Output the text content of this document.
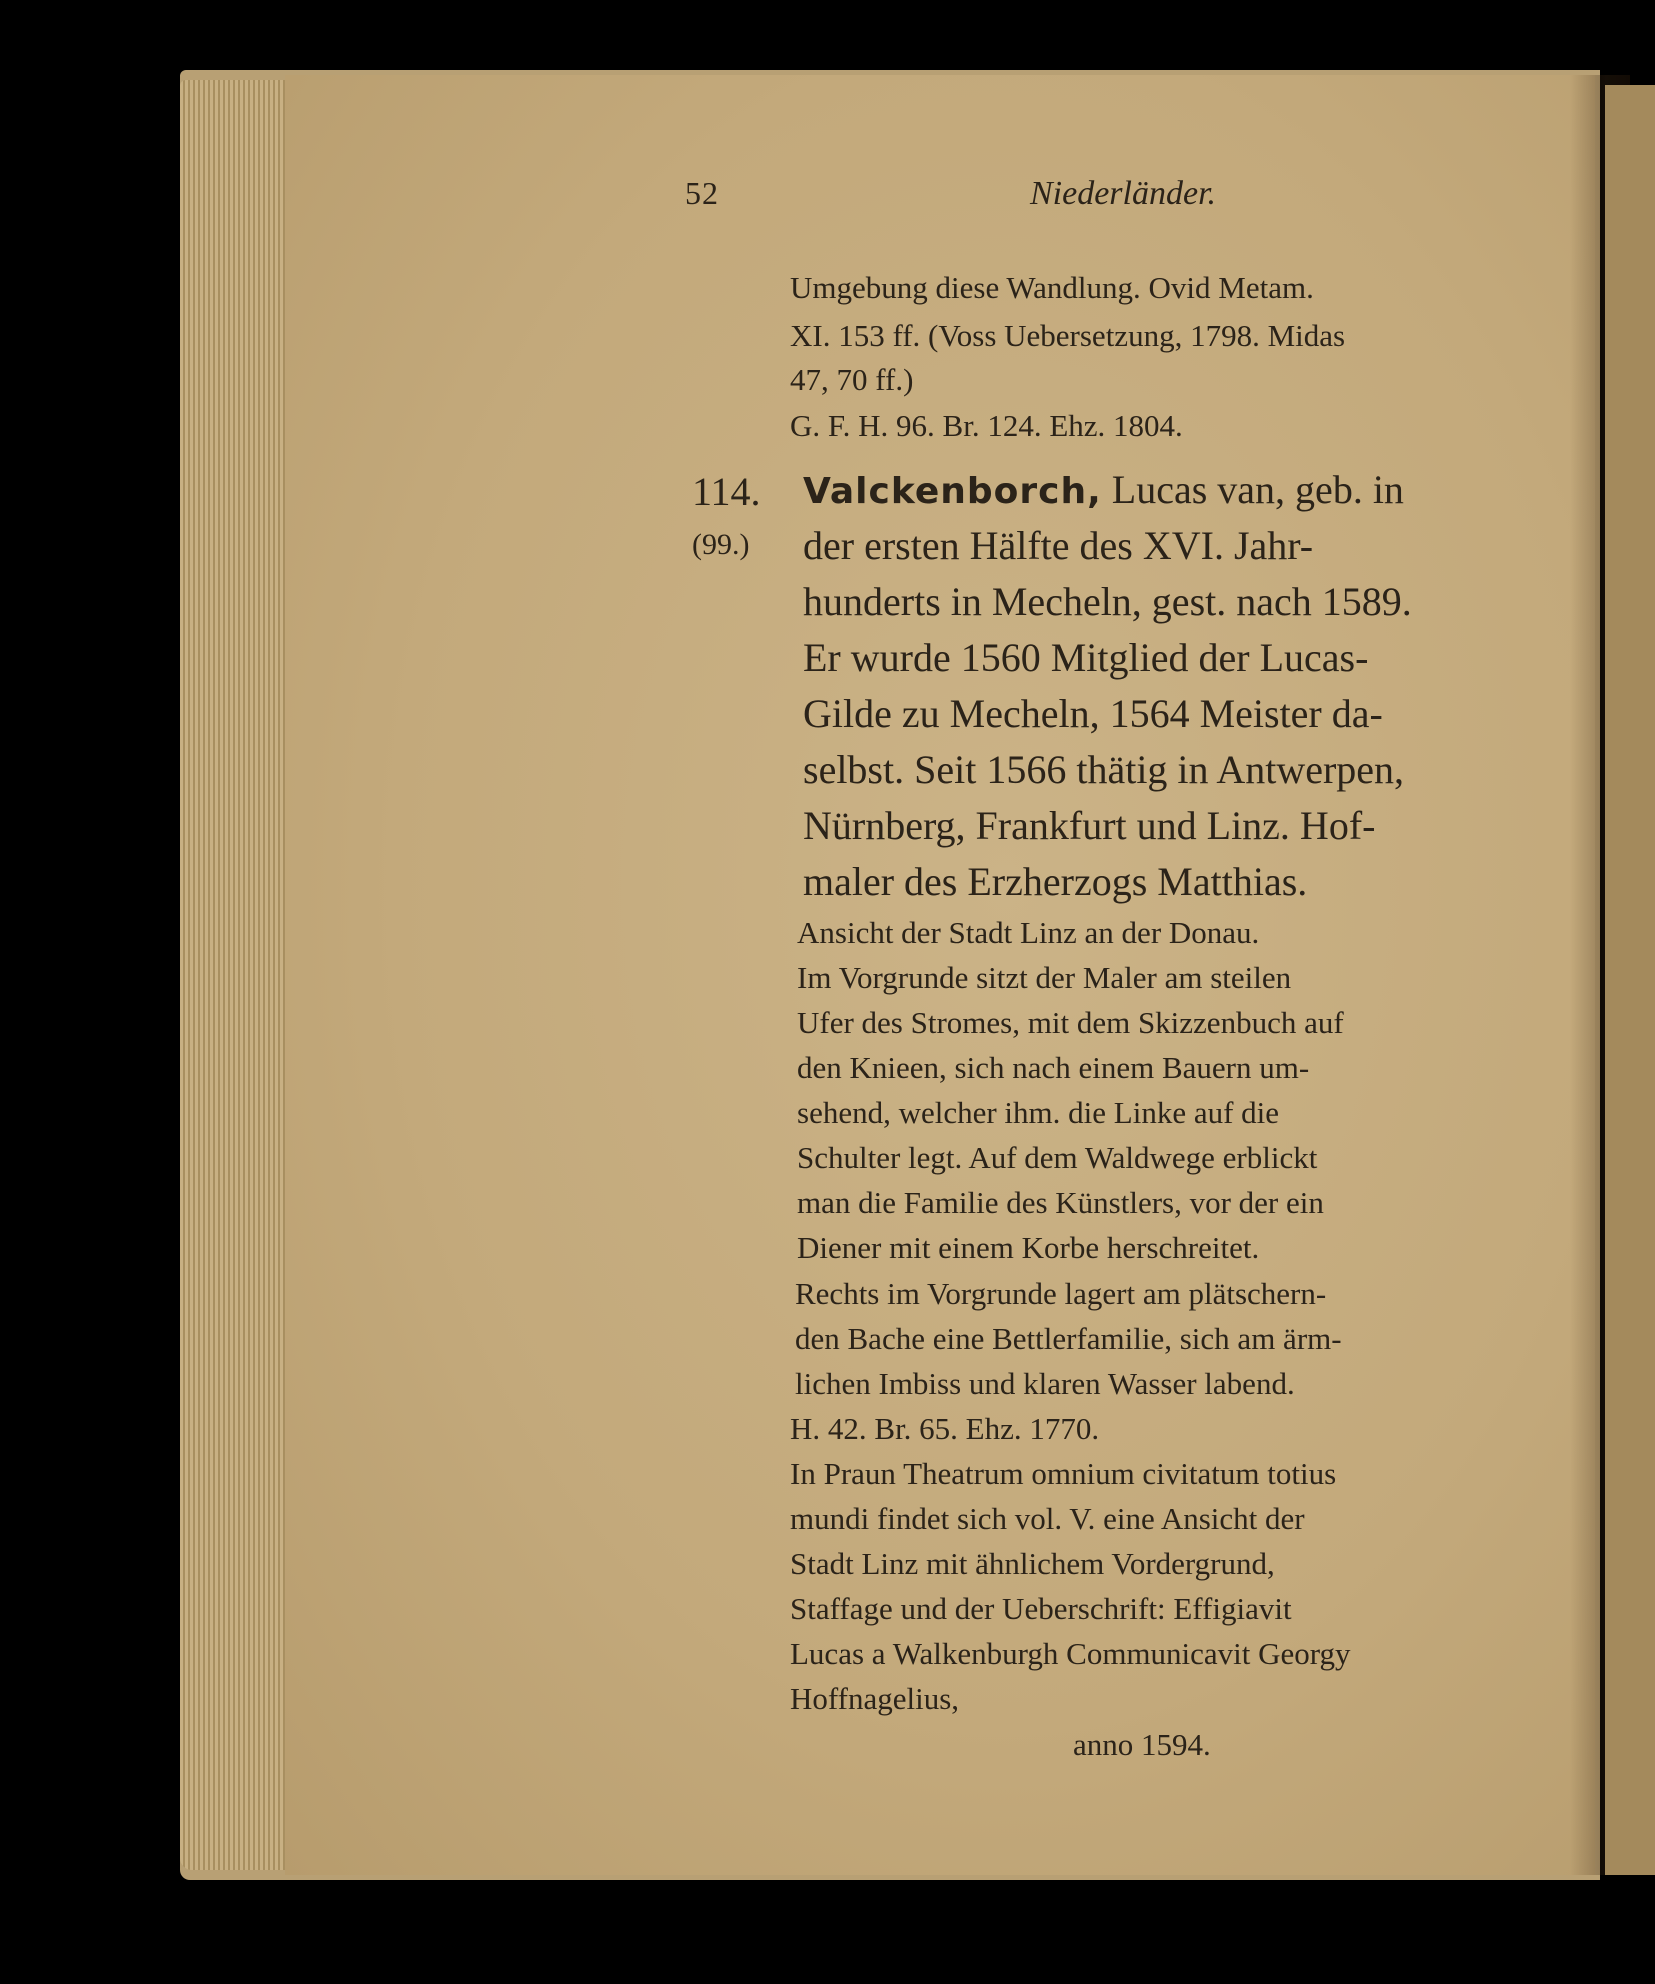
52	Niederländer.
Umgebung diese Wandlung. Ovid Metam.
XI. 153 ff. (Voss Uebersetzung, 1798. Midas
47, 70 ff.)
G. F. H. 96. Br. 124. Ehz. 1804.
114.
(99.)
Valckenborch, Lucas van, geb. in
der ersten Hälfte des XVI. Jahr-
hunderts in Mecheln, gest. nach 1589.
Er wurde 1560 Mitglied der Lucas-
Gilde zu Mecheln, 1564 Meister da-
selbst. Seit 1566 thätig in Antwerpen,
Nürnberg, Frankfurt und Linz. Hof-
maler des Erzherzogs Matthias.
Ansicht der Stadt Linz an der Donau.
Im Vorgrunde sitzt der Maler am steilen
Ufer des Stromes, mit dem Skizzenbuch auf
den Knieen, sich nach einem Bauern um-
sehend, welcher ihm. die Linke auf die
Schulter legt. Auf dem Waldwege erblickt
man die Familie des Künstlers, vor der ein
Diener mit einem Korbe herschreitet.
Rechts im Vorgrunde lagert am plätschern-
den Bache eine Bettlerfamilie, sich am ärm-
lichen Imbiss und klaren Wasser labend.
H. 42. Br. 65. Ehz. 1770.
In Praun Theatrum omnium civitatum totius
mundi findet sich vol. V. eine Ansicht der
Stadt Linz mit ähnlichem Vordergrund,
Staffage und der Ueberschrift: Effigiavit
Lucas a Walkenburgh Communicavit Georgy
Hoffnagelius,
anno 1594.
